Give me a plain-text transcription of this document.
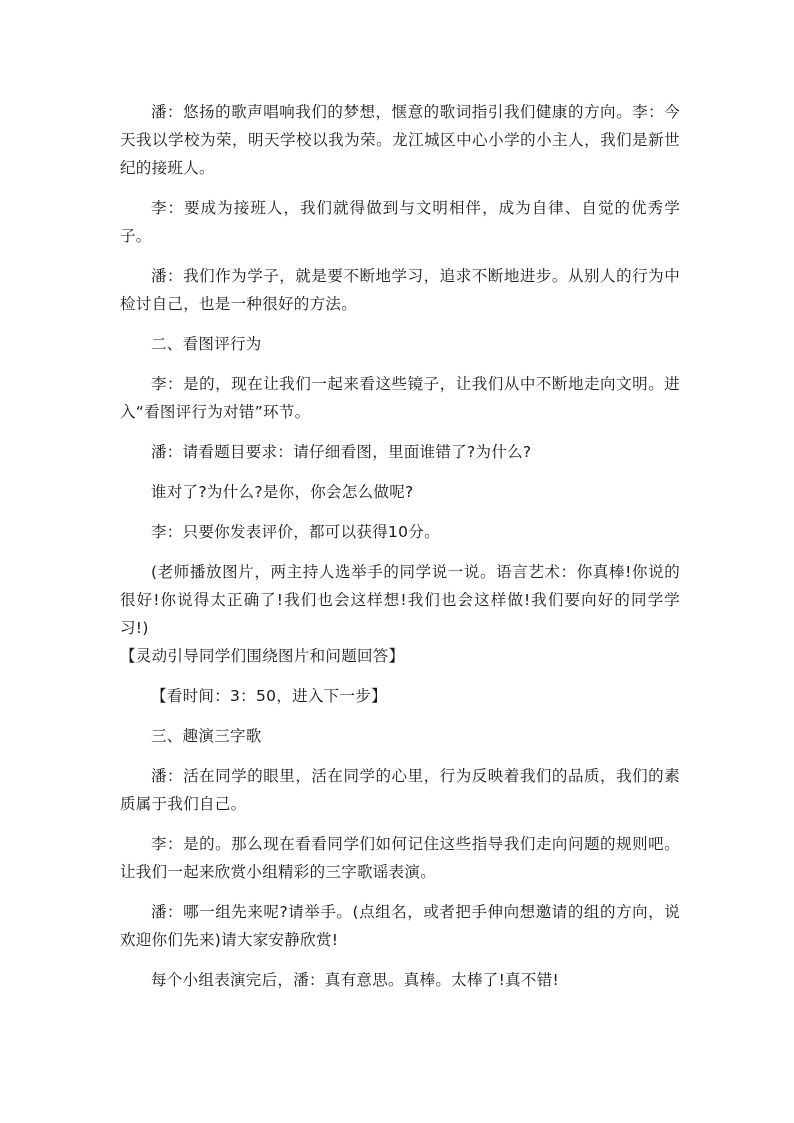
潘：悠扬的歌声唱响我们的梦想，惬意的歌词指引我们健康的方向。李：今天我以学校为荣，明天学校以我为荣。龙江城区中心小学的小主人，我们是新世纪的接班人。

李：要成为接班人，我们就得做到与文明相伴，成为自律、自觉的优秀学子。

潘：我们作为学子，就是要不断地学习，追求不断地进步。从别人的行为中检讨自己，也是一种很好的方法。

二、看图评行为

李：是的，现在让我们一起来看这些镜子，让我们从中不断地走向文明。进入“看图评行为对错”环节。

潘：请看题目要求：请仔细看图，里面谁错了?为什么?

谁对了?为什么?是你，你会怎么做呢?

李：只要你发表评价，都可以获得10分。

(老师播放图片，两主持人选举手的同学说一说。语言艺术：你真棒!你说的很好!你说得太正确了!我们也会这样想!我们也会这样做!我们要向好的同学学习!)

【灵动引导同学们围绕图片和问题回答】

【看时间：3：50，进入下一步】

三、趣演三字歌

潘：活在同学的眼里，活在同学的心里，行为反映着我们的品质，我们的素质属于我们自己。

李：是的。那么现在看看同学们如何记住这些指导我们走向问题的规则吧。让我们一起来欣赏小组精彩的三字歌谣表演。

潘：哪一组先来呢?请举手。(点组名，或者把手伸向想邀请的组的方向，说欢迎你们先来)请大家安静欣赏!

每个小组表演完后，潘：真有意思。真棒。太棒了!真不错!
